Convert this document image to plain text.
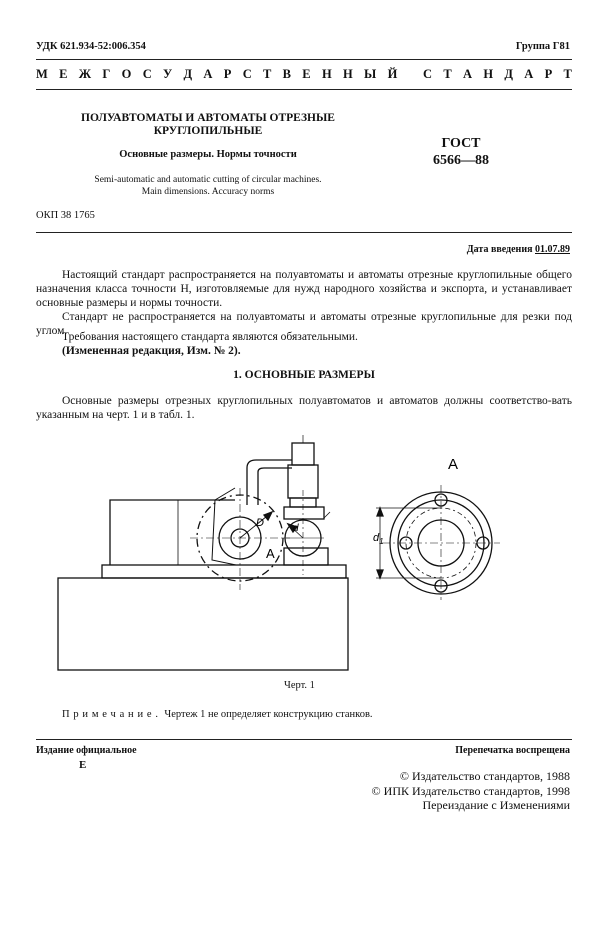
УДК 621.934-52:006.354	Группа Г81
М Е Ж Г О С У Д А Р С Т В Е Н Н Ы Й
С Т А Н Д А Р Т
ПОЛУАВТОМАТЫ И АВТОМАТЫ ОТРЕЗНЫЕ
КРУГЛОПИЛЬНЫЕ
Основные размеры. Нормы точности
Semi-automatic and automatic cutting of circular machines.
Main dimensions. Accuracy norms
ГОСТ
6566—88
ОКП 38 1765
Дата введения 01.07.89
Настоящий стандарт распространяется на полуавтоматы и автоматы отрезные круглопильные общего назначения класса точности Н, изготовляемые для нужд народного хозяйства и экспорта, и устанавливает основные размеры и нормы точности.
Стандарт не распространяется на полуавтоматы и автоматы отрезные круглопильные для резки под углом.
Требования настоящего стандарта являются обязательными.
(Измененная редакция, Изм. № 2).
1. ОСНОВНЫЕ РАЗМЕРЫ
Основные размеры отрезных круглопильных полуавтоматов и автоматов должны соответство-вать указанным на черт. 1 и в табл. 1.
D	d
A
A
$d_1$
Черт. 1
Примечание. Чертеж 1 не определяет конструкцию станков.
Издание официальное
Е
Перепечатка воспрещена
© Издательство стандартов, 1988
© ИПК Издательство стандартов, 1998
Переиздание с Изменениями
